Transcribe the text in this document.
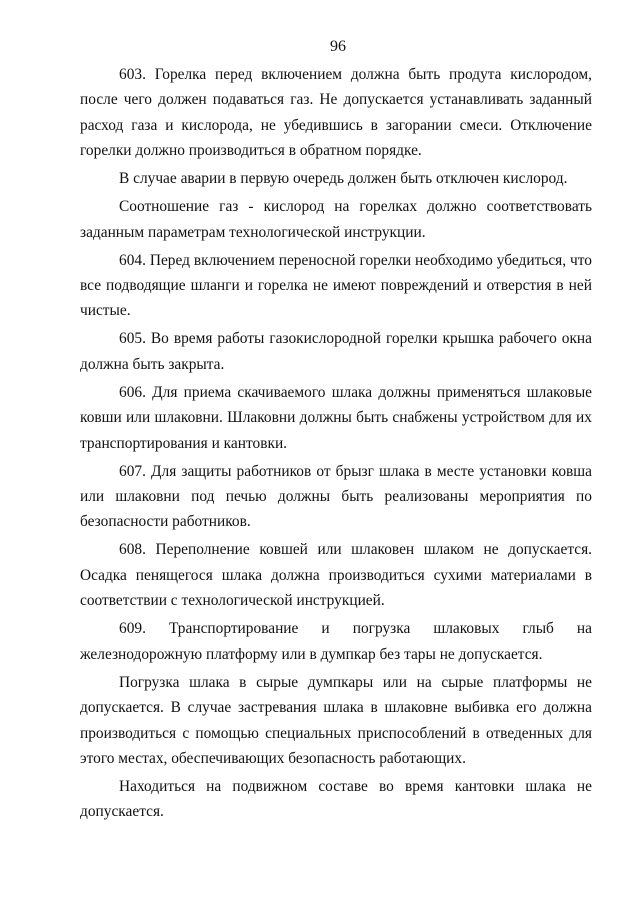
96

603. Горелка перед включением должна быть продута кислородом, после чего должен подаваться газ. Не допускается устанавливать заданный расход газа и кислорода, не убедившись в загорании смеси. Отключение горелки должно производиться в обратном порядке.

В случае аварии в первую очередь должен быть отключен кислород.

Соотношение газ - кислород на горелках должно соответствовать заданным параметрам технологической инструкции.

604. Перед включением переносной горелки необходимо убедиться, что все подводящие шланги и горелка не имеют повреждений и отверстия в ней чистые.

605. Во время работы газокислородной горелки крышка рабочего окна должна быть закрыта.

606. Для приема скачиваемого шлака должны применяться шлаковые ковши или шлаковни. Шлаковни должны быть снабжены устройством для их транспортирования и кантовки.

607. Для защиты работников от брызг шлака в месте установки ковша или шлаковни под печью должны быть реализованы мероприятия по безопасности работников.

608. Переполнение ковшей или шлаковен шлаком не допускается. Осадка пенящегося шлака должна производиться сухими материалами в соответствии с технологической инструкцией.

609. Транспортирование и погрузка шлаковых глыб на железнодорожную платформу или в думпкар без тары не допускается.

Погрузка шлака в сырые думпкары или на сырые платформы не допускается. В случае застревания шлака в шлаковне выбивка его должна производиться с помощью специальных приспособлений в отведенных для этого местах, обеспечивающих безопасность работающих.

Находиться на подвижном составе во время кантовки шлака не допускается.
